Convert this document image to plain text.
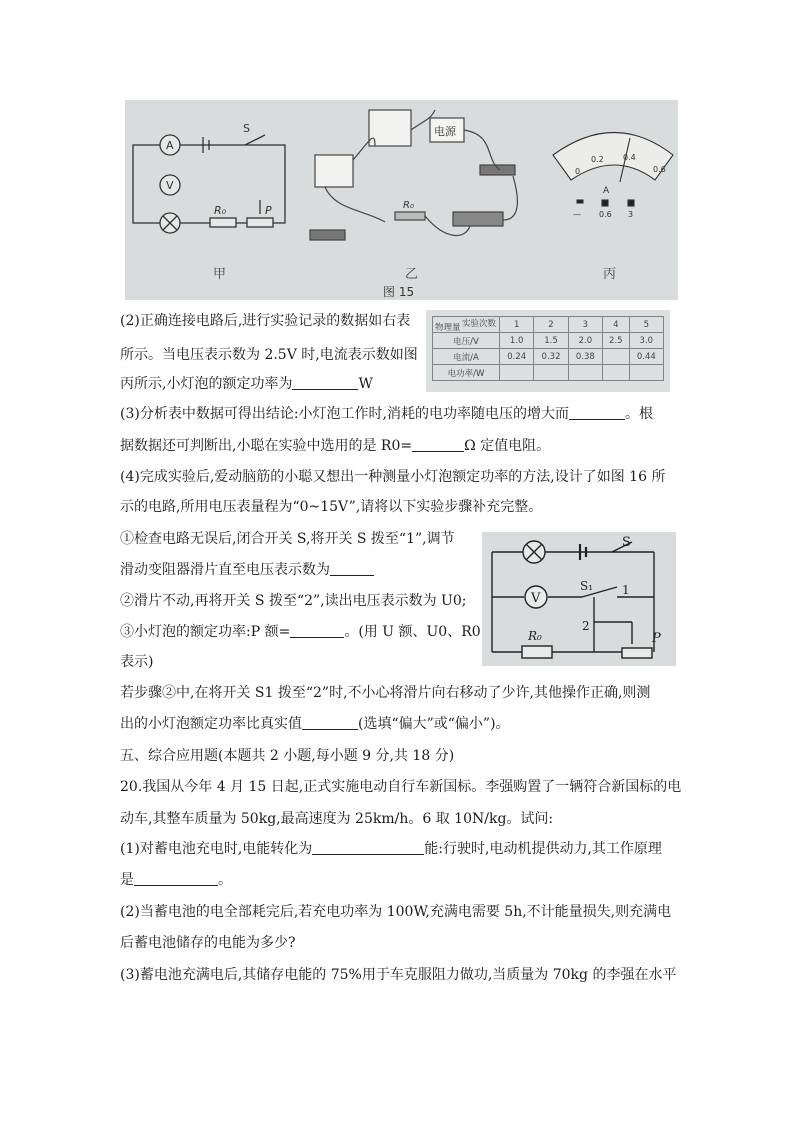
A
V
S
R₀	P
电源
R₀
0
0.2 0.4
0.6
A
— 0.6 3
甲	乙	丙
图 15
实验次数
物理量	1	2	3	4	5
电压/V	1.0	1.5	2.0	2.5	3.0
电流/A	0.24	0.32	0.38		0.44
电功率/W					
S
V
S₁ 1
2
R₀	P
(2)正确连接电路后,进行实验记录的数据如右表
所示。当电压表示数为 2.5V 时,电流表示数如图
丙所示,小灯泡的额定功率为	W
(3)分析表中数据可得出结论:小灯泡工作时,消耗的电功率随电压的增大而	。根
据数据还可判断出,小聪在实验中选用的是 R0=	Ω 定值电阻。
(4)完成实验后,爱动脑筋的小聪又想出一种测量小灯泡额定功率的方法,设计了如图 16 所
示的电路,所用电压表量程为“0~15V”,请将以下实验步骤补充完整。
①检查电路无误后,闭合开关 S,将开关 S 拨至“1”,调节
滑动变阻器滑片直至电压表示数为
②滑片不动,再将开关 S 拨至“2”,读出电压表示数为 U0;
③小灯泡的额定功率:P 额=	。(用 U 额、U0、R0
表示)
若步骤②中,在将开关 S1 拨至“2”时,不小心将滑片向右移动了少许,其他操作正确,则测
出的小灯泡额定功率比真实值	(选填“偏大”或“偏小”)。
五、综合应用题(本题共 2 小题,每小题 9 分,共 18 分)
20.我国从今年 4 月 15 日起,正式实施电动自行车新国标。李强购置了一辆符合新国标的电
动车,其整车质量为 50kg,最高速度为 25km/h。6 取 10N/kg。试问:
(1)对蓄电池充电时,电能转化为	能:行驶时,电动机提供动力,其工作原理
是	。
(2)当蓄电池的电全部耗完后,若充电功率为 100W,充满电需要 5h,不计能量损失,则充满电
后蓄电池储存的电能为多少?
(3)蓄电池充满电后,其储存电能的 75%用于车克服阻力做功,当质量为 70kg 的李强在水平
